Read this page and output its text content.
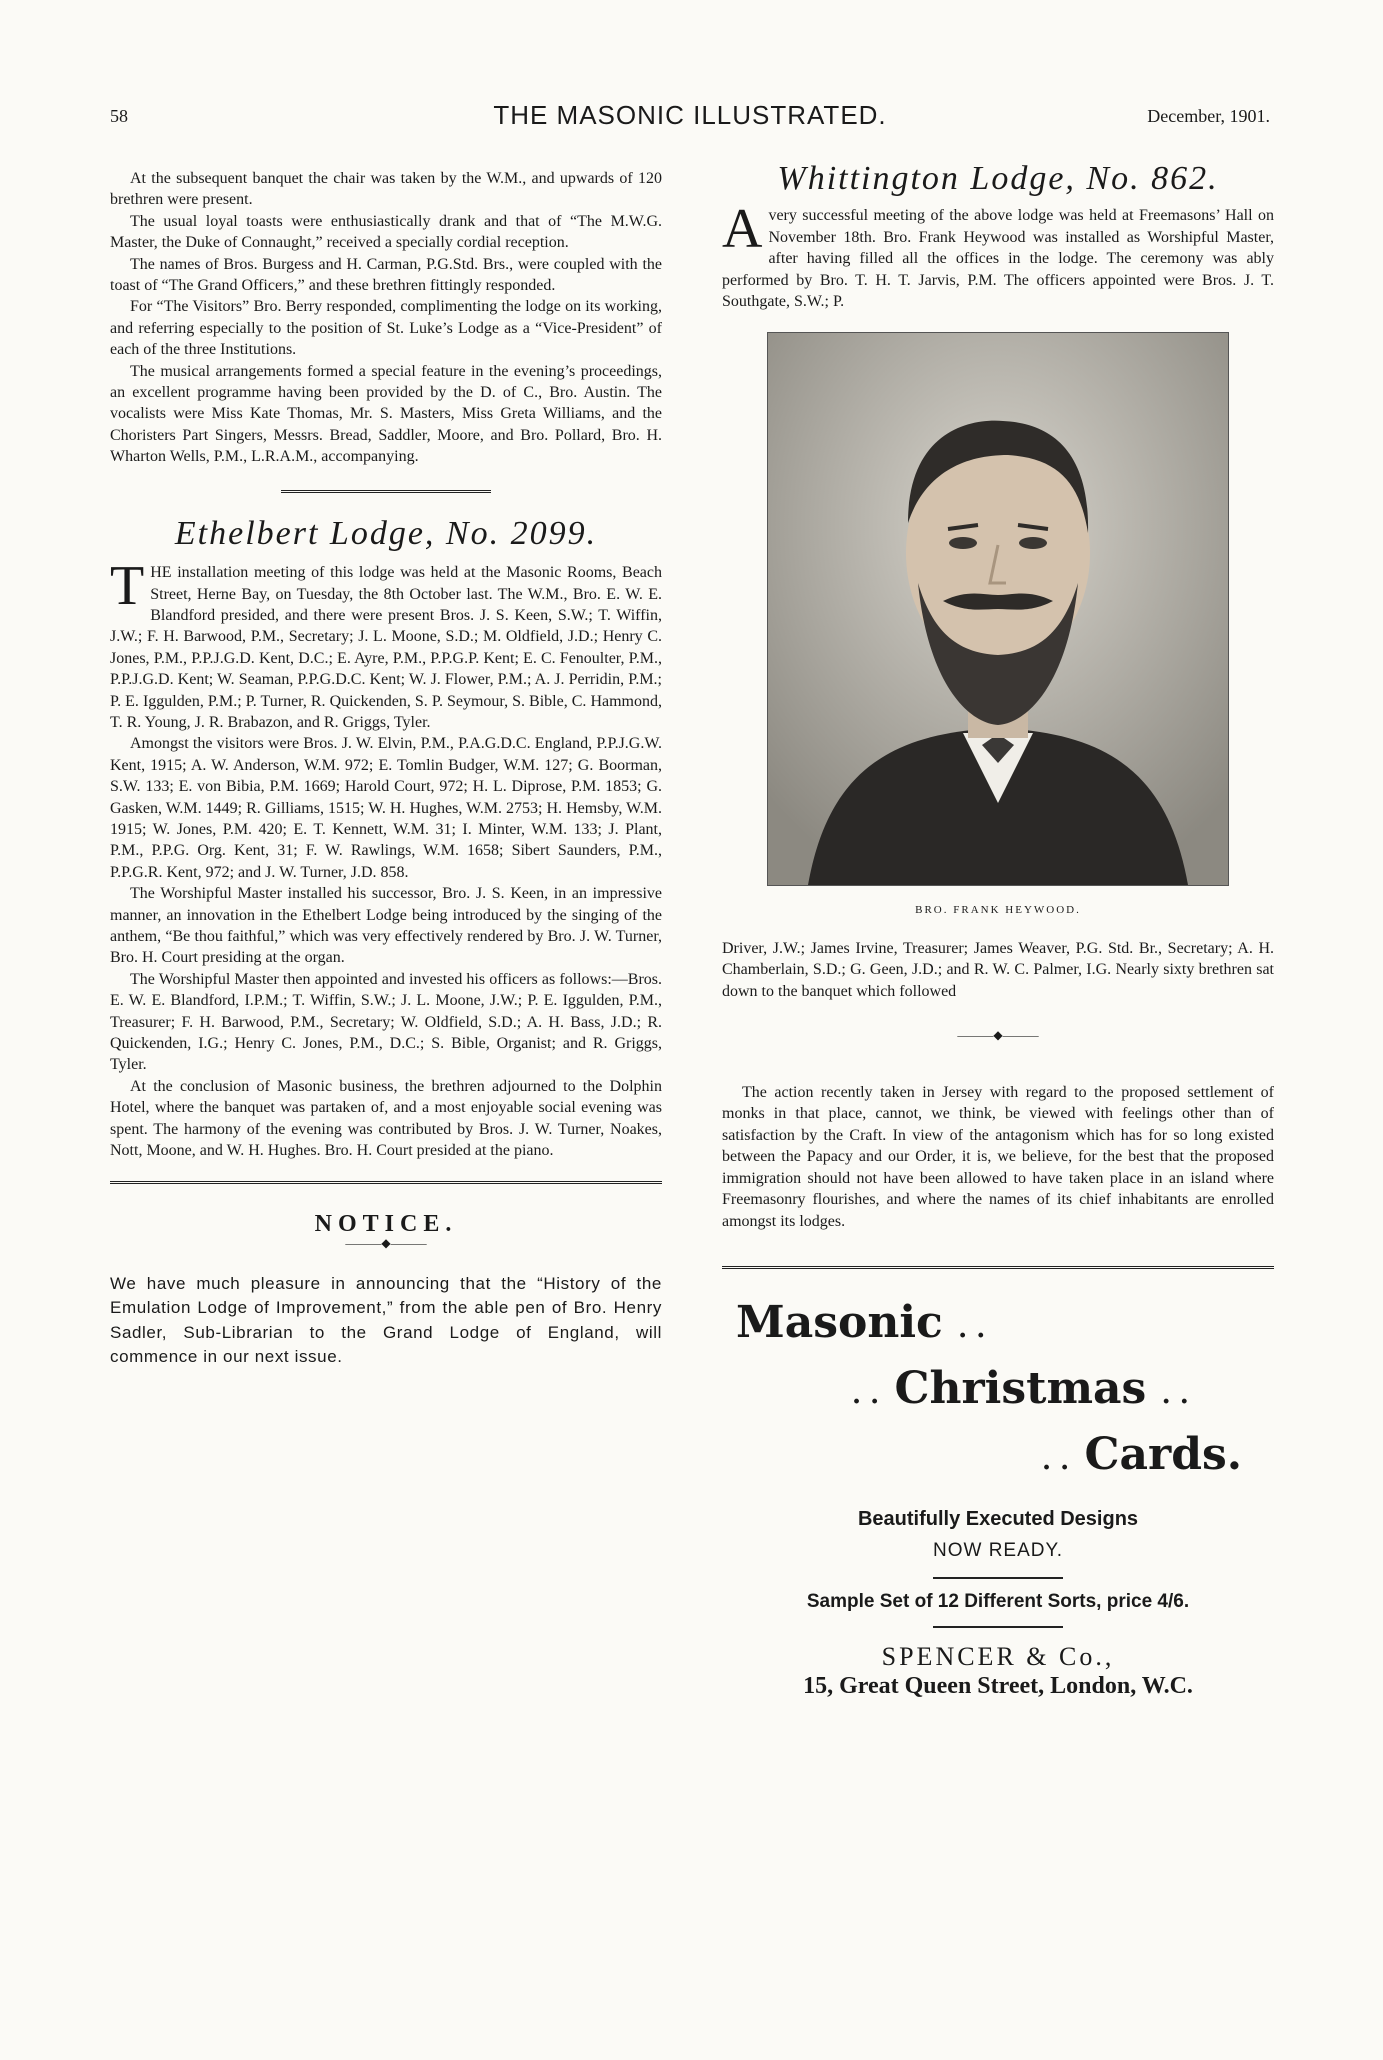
58	THE MASONIC ILLUSTRATED.	December, 1901.

At the subsequent banquet the chair was taken by the W.M., and upwards of 120 brethren were present.

The usual loyal toasts were enthusiastically drank and that of “The M.W.G. Master, the Duke of Connaught,” received a specially cordial reception.

The names of Bros. Burgess and H. Carman, P.G.Std. Brs., were coupled with the toast of “The Grand Officers,” and these brethren fittingly responded.

For “The Visitors” Bro. Berry responded, complimenting the lodge on its working, and referring especially to the position of St. Luke’s Lodge as a “Vice-President” of each of the three Institutions.

The musical arrangements formed a special feature in the evening’s proceedings, an excellent programme having been provided by the D. of C., Bro. Austin. The vocalists were Miss Kate Thomas, Mr. S. Masters, Miss Greta Williams, and the Choristers Part Singers, Messrs. Bread, Saddler, Moore, and Bro. Pollard, Bro. H. Wharton Wells, P.M., L.R.A.M., accompanying.

Ethelbert Lodge, No. 2099.

THE installation meeting of this lodge was held at the Masonic Rooms, Beach Street, Herne Bay, on Tuesday, the 8th October last. The W.M., Bro. E. W. E. Blandford presided, and there were present Bros. J. S. Keen, S.W.; T. Wiffin, J.W.; F. H. Barwood, P.M., Secretary; J. L. Moone, S.D.; M. Oldfield, J.D.; Henry C. Jones, P.M., P.P.J.G.D. Kent, D.C.; E. Ayre, P.M., P.P.G.P. Kent; E. C. Fenoulter, P.M., P.P.J.G.D. Kent; W. Seaman, P.P.G.D.C. Kent; W. J. Flower, P.M.; A. J. Perridin, P.M.; P. E. Iggulden, P.M.; P. Turner, R. Quickenden, S. P. Seymour, S. Bible, C. Hammond, T. R. Young, J. R. Brabazon, and R. Griggs, Tyler.

Amongst the visitors were Bros. J. W. Elvin, P.M., P.A.G.D.C. England, P.P.J.G.W. Kent, 1915; A. W. Anderson, W.M. 972; E. Tomlin Budger, W.M. 127; G. Boorman, S.W. 133; E. von Bibia, P.M. 1669; Harold Court, 972; H. L. Diprose, P.M. 1853; G. Gasken, W.M. 1449; R. Gilliams, 1515; W. H. Hughes, W.M. 2753; H. Hemsby, W.M. 1915; W. Jones, P.M. 420; E. T. Kennett, W.M. 31; I. Minter, W.M. 133; J. Plant, P.M., P.P.G. Org. Kent, 31; F. W. Rawlings, W.M. 1658; Sibert Saunders, P.M., P.P.G.R. Kent, 972; and J. W. Turner, J.D. 858.

The Worshipful Master installed his successor, Bro. J. S. Keen, in an impressive manner, an innovation in the Ethelbert Lodge being introduced by the singing of the anthem, “Be thou faithful,” which was very effectively rendered by Bro. J. W. Turner, Bro. H. Court presiding at the organ.

The Worshipful Master then appointed and invested his officers as follows:—Bros. E. W. E. Blandford, I.P.M.; T. Wiffin, S.W.; J. L. Moone, J.W.; P. E. Iggulden, P.M., Treasurer; F. H. Barwood, P.M., Secretary; W. Oldfield, S.D.; A. H. Bass, J.D.; R. Quickenden, I.G.; Henry C. Jones, P.M., D.C.; S. Bible, Organist; and R. Griggs, Tyler.

At the conclusion of Masonic business, the brethren adjourned to the Dolphin Hotel, where the banquet was partaken of, and a most enjoyable social evening was spent. The harmony of the evening was contributed by Bros. J. W. Turner, Noakes, Nott, Moone, and W. H. Hughes. Bro. H. Court presided at the piano.

NOTICE.
———◆———

We have much pleasure in announcing that the “History of the Emulation Lodge of Improvement,” from the able pen of Bro. Henry Sadler, Sub-Librarian to the Grand Lodge of England, will commence in our next issue.

Whittington Lodge, No. 862.

Avery successful meeting of the above lodge was held at Freemasons’ Hall on November 18th. Bro. Frank Heywood was installed as Worshipful Master, after having filled all the offices in the lodge. The ceremony was ably performed by Bro. T. H. T. Jarvis, P.M. The officers appointed were Bros. J. T. Southgate, S.W.; P.

BRO. FRANK HEYWOOD.

Driver, J.W.; James Irvine, Treasurer; James Weaver, P.G. Std. Br., Secretary; A. H. Chamberlain, S.D.; G. Geen, J.D.; and R. W. C. Palmer, I.G. Nearly sixty brethren sat down to the banquet which followed

———◆———

The action recently taken in Jersey with regard to the proposed settlement of monks in that place, cannot, we think, be viewed with feelings other than of satisfaction by the Craft. In view of the antagonism which has for so long existed between the Papacy and our Order, it is, we believe, for the best that the proposed immigration should not have been allowed to have taken place in an island where Freemasonry flourishes, and where the names of its chief inhabitants are enrolled amongst its lodges.

Masonic . .
. . Christmas . .
. . Cards.
Beautifully Executed Designs
NOW READY.
Sample Set of 12 Different Sorts, price 4/6.
SPENCER & Co.,
15, Great Queen Street, London, W.C.
